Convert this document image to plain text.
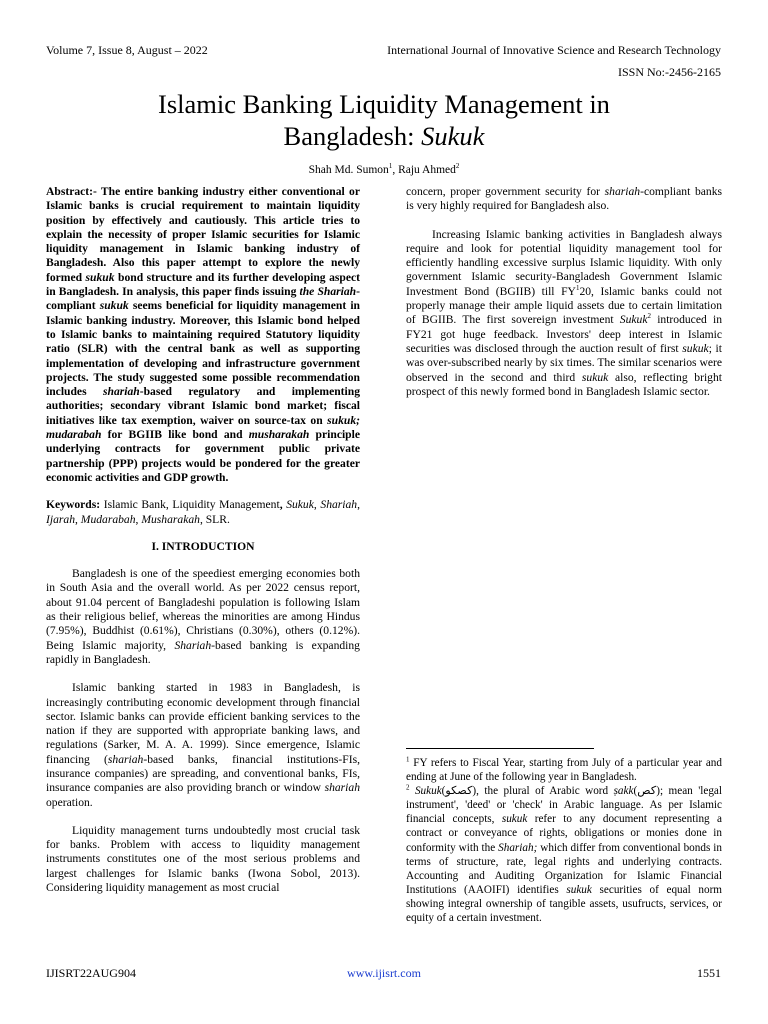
Volume 7, Issue 8, August – 2022	International Journal of Innovative Science and Research Technology
ISSN No:-2456-2165
Islamic Banking Liquidity Management in
Bangladesh: Sukuk
Shah Md. Sumon$^1$, Raju Ahmed$^2$

Abstract:- The entire banking industry either conventional or Islamic banks is crucial requirement to maintain liquidity position by effectively and cautiously. This article tries to explain the necessity of proper Islamic securities for Islamic liquidity management in Islamic banking industry of Bangladesh. Also this paper attempt to explore the newly formed sukuk bond structure and its further developing aspect in Bangladesh. In analysis, this paper finds issuing the Shariah-compliant sukuk seems beneficial for liquidity management in Islamic banking industry. Moreover, this Islamic bond helped to Islamic banks to maintaining required Statutory liquidity ratio (SLR) with the central bank as well as supporting implementation of developing and infrastructure government projects. The study suggested some possible recommendation includes shariah-based regulatory and implementing authorities; secondary vibrant Islamic bond market; fiscal initiatives like tax exemption, waiver on source-tax on sukuk; mudarabah for BGIIB like bond and musharakah principle underlying contracts for government public private partnership (PPP) projects would be pondered for the greater economic activities and GDP growth.

Keywords: Islamic Bank, Liquidity Management, Sukuk, Shariah, Ijarah, Mudarabah, Musharakah, SLR.

I. INTRODUCTION

Bangladesh is one of the speediest emerging economies both in South Asia and the overall world. As per 2022 census report, about 91.04 percent of Bangladeshi population is following Islam as their religious belief, whereas the minorities are among Hindus (7.95%), Buddhist (0.61%), Christians (0.30%), others (0.12%). Being Islamic majority, Shariah-based banking is expanding rapidly in Bangladesh.

Islamic banking started in 1983 in Bangladesh, is increasingly contributing economic development through financial sector. Islamic banks can provide efficient banking services to the nation if they are supported with appropriate banking laws, and regulations (Sarker, M. A. A. 1999). Since emergence, Islamic financing (shariah-based banks, financial institutions-FIs, insurance companies) are spreading, and conventional banks, FIs, insurance companies are also providing branch or window shariah operation.

Liquidity management turns undoubtedly most crucial task for banks. Problem with access to liquidity management instruments constitutes one of the most serious problems and largest challenges for Islamic banks (Iwona Sobol, 2013). Considering liquidity management as most crucial

concern, proper government security for shariah-compliant banks is very highly required for Bangladesh also.

Increasing Islamic banking activities in Bangladesh always require and look for potential liquidity management tool for efficiently handling excessive surplus Islamic liquidity. With only government Islamic security-Bangladesh Government Islamic Investment Bond (BGIIB) till $FY^120$, Islamic banks could not properly manage their ample liquid assets due to certain limitation of BGIIB. The first sovereign investment Sukuk$^2$ introduced in FY21 got huge feedback. Investors' deep interest in Islamic securities was disclosed through the auction result of first sukuk; it was over-subscribed nearly by six times. The similar scenarios were observed in the second and third sukuk also, reflecting bright prospect of this newly formed bond in Bangladesh Islamic sector.

$^1$ FY refers to Fiscal Year, starting from July of a particular year and ending at June of the following year in Bangladesh.

$^2$ Sukuk(كصكو), the plural of Arabic word ṣakk(كص); mean 'legal instrument', 'deed' or 'check' in Arabic language. As per Islamic financial concepts, sukuk refer to any document representing a contract or conveyance of rights, obligations or monies done in conformity with the Shariah; which differ from conventional bonds in terms of structure, rate, legal rights and underlying contracts. Accounting and Auditing Organization for Islamic Financial Institutions (AAOIFI) identifies sukuk securities of equal norm showing integral ownership of tangible assets, usufructs, services, or equity of a certain investment.

IJISRT22AUG904	www.ijisrt.com	1551
